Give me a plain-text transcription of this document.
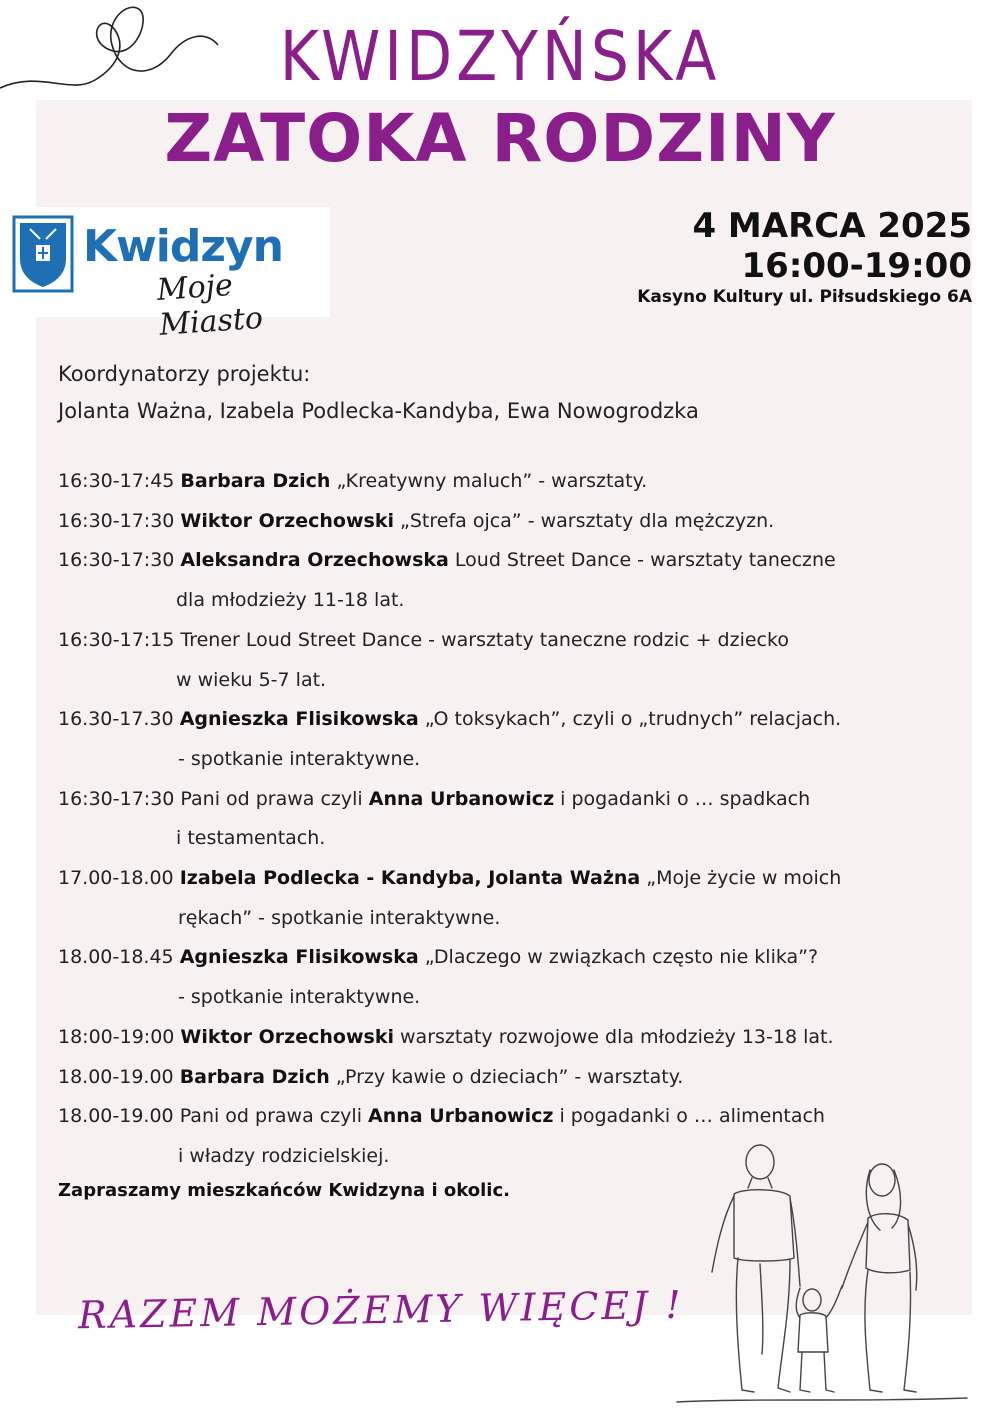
KWIDZYŃSKA
ZATOKA RODZINY
Kwidzyn
Moje Miasto
4 MARCA 2025
16:00-19:00
Kasyno Kultury ul. Piłsudskiego 6A
Koordynatorzy projektu:
Jolanta Ważna, Izabela Podlecka-Kandyba, Ewa Nowogrodzka
16:30-17:45 Barbara Dzich „Kreatywny maluch” - warsztaty.
16:30-17:30 Wiktor Orzechowski „Strefa ojca” - warsztaty dla mężczyzn.
16:30-17:30 Aleksandra Orzechowska Loud Street Dance - warsztaty taneczne
dla młodzieży 11-18 lat.
16:30-17:15 Trener Loud Street Dance - warsztaty taneczne rodzic + dziecko
w wieku 5-7 lat.
16.30-17.30 Agnieszka Flisikowska „O toksykach”, czyli o „trudnych” relacjach.
- spotkanie interaktywne.
16:30-17:30 Pani od prawa czyli Anna Urbanowicz i pogadanki o … spadkach
i testamentach.
17.00-18.00 Izabela Podlecka - Kandyba, Jolanta Ważna „Moje życie w moich
rękach” - spotkanie interaktywne.
18.00-18.45 Agnieszka Flisikowska „Dlaczego w związkach często nie klika”?
- spotkanie interaktywne.
18:00-19:00 Wiktor Orzechowski warsztaty rozwojowe dla młodzieży 13-18 lat.
18.00-19.00 Barbara Dzich „Przy kawie o dzieciach” - warsztaty.
18.00-19.00 Pani od prawa czyli Anna Urbanowicz i pogadanki o … alimentach
i władzy rodzicielskiej.
Zapraszamy mieszkańców Kwidzyna i okolic.
RAZEM MOŻEMY WIĘCEJ !
